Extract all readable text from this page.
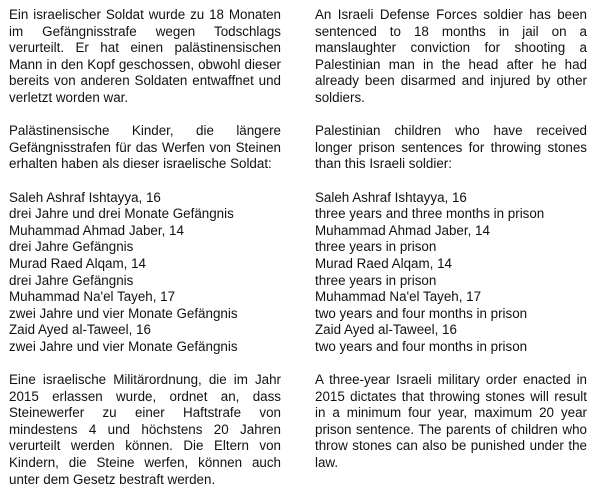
Ein israelischer Soldat wurde zu 18 Monaten im Gefängnisstrafe wegen Todschlags verurteilt. Er hat einen palästinensischen Mann in den Kopf geschossen, obwohl dieser bereits von anderen Soldaten entwaffnet und verletzt worden war.

Palästinensische Kinder, die längere Gefängnisstrafen für das Werfen von Steinen erhalten haben als dieser israelische Soldat:

Saleh Ashraf Ishtayya, 16
drei Jahre und drei Monate Gefängnis
Muhammad Ahmad Jaber, 14
drei Jahre Gefängnis
Murad Raed Alqam, 14
drei Jahre Gefängnis
Muhammad Na'el Tayeh, 17
zwei Jahre und vier Monate Gefängnis
Zaid Ayed al-Taweel, 16
zwei Jahre und vier Monate Gefängnis

Eine israelische Militärordnung, die im Jahr 2015 erlassen wurde, ordnet an, dass Steinewerfer zu einer Haftstrafe von mindestens 4 und höchstens 20 Jahren verurteilt werden können. Die Eltern von Kindern, die Steine werfen, können auch unter dem Gesetz bestraft werden.

An Israeli Defense Forces soldier has been sentenced to 18 months in jail on a manslaughter conviction for shooting a Palestinian man in the head after he had already been disarmed and injured by other soldiers.

Palestinian children who have received longer prison sentences for throwing stones than this Israeli soldier:

Saleh Ashraf Ishtayya, 16
three years and three months in prison
Muhammad Ahmad Jaber, 14
three years in prison
Murad Raed Alqam, 14
three years in prison
Muhammad Na'el Tayeh, 17
two years and four months in prison
Zaid Ayed al-Taweel, 16
two years and four months in prison

A three-year Israeli military order enacted in 2015 dictates that throwing stones will result in a minimum four year, maximum 20 year prison sentence. The parents of children who throw stones can also be punished under the law.
